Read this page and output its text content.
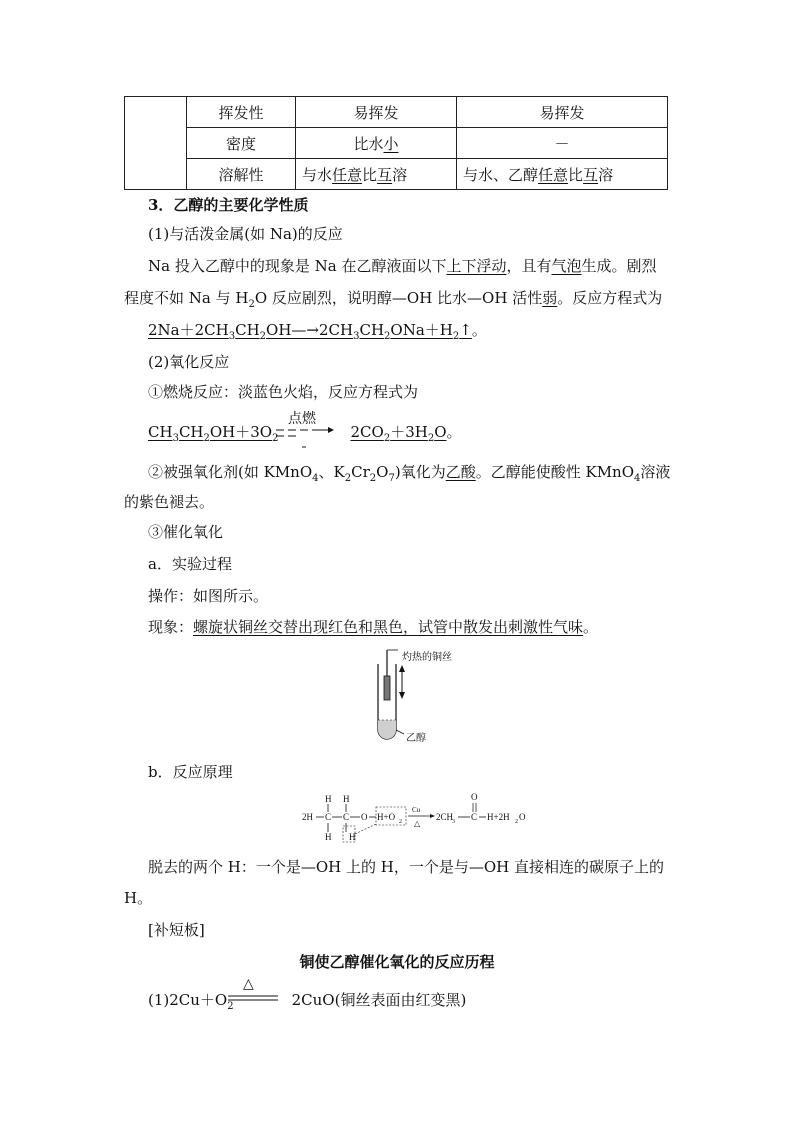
	挥发性	易挥发	易挥发
	密度	比水小	－
	溶解性	与水任意比互溶	与水、乙醇任意比互溶
3．乙醇的主要化学性质
(1)与活泼金属(如 Na)的反应
Na 投入乙醇中的现象是 Na 在乙醇液面以下上下浮动，且有气泡生成。剧烈
程度不如 Na 与 $H_2O$ 反应剧烈，说明醇—OH 比水—OH 活性弱。反应方程式为
$2Na+2CH_3CH_2OH—\to 2CH_3CH_2ONa+H_2↑$。
(2)氧化反应
①燃烧反应：淡蓝色火焰，反应方程式为
$CH_3CH_2OH+3O_2$	$2CO_2+3H_2O$。
点燃
②被强氧化剂(如 KMnO$_4$、$K_2Cr_2O_7$)氧化为乙酸。乙醇能使酸性 KMnO$_4$溶液
的紫色褪去。
③催化氧化
a．实验过程
操作：如图所示。
现象：螺旋状铜丝交替出现红色和黑色，试管中散发出刺激性气味。
灼热的铜丝
乙醇
b．反应原理
2H C
H
H
C
H
H
O H+O 2
Cu
△
2CH
3 C
O
H+2H 2 O
脱去的两个 H：一个是—OH 上的 H，一个是与—OH 直接相连的碳原子上的
H。
[补短板]
铜使乙醇催化氧化的反应历程
$(1)2Cu+O_2$	2CuO(铜丝表面由红变黑)
△
